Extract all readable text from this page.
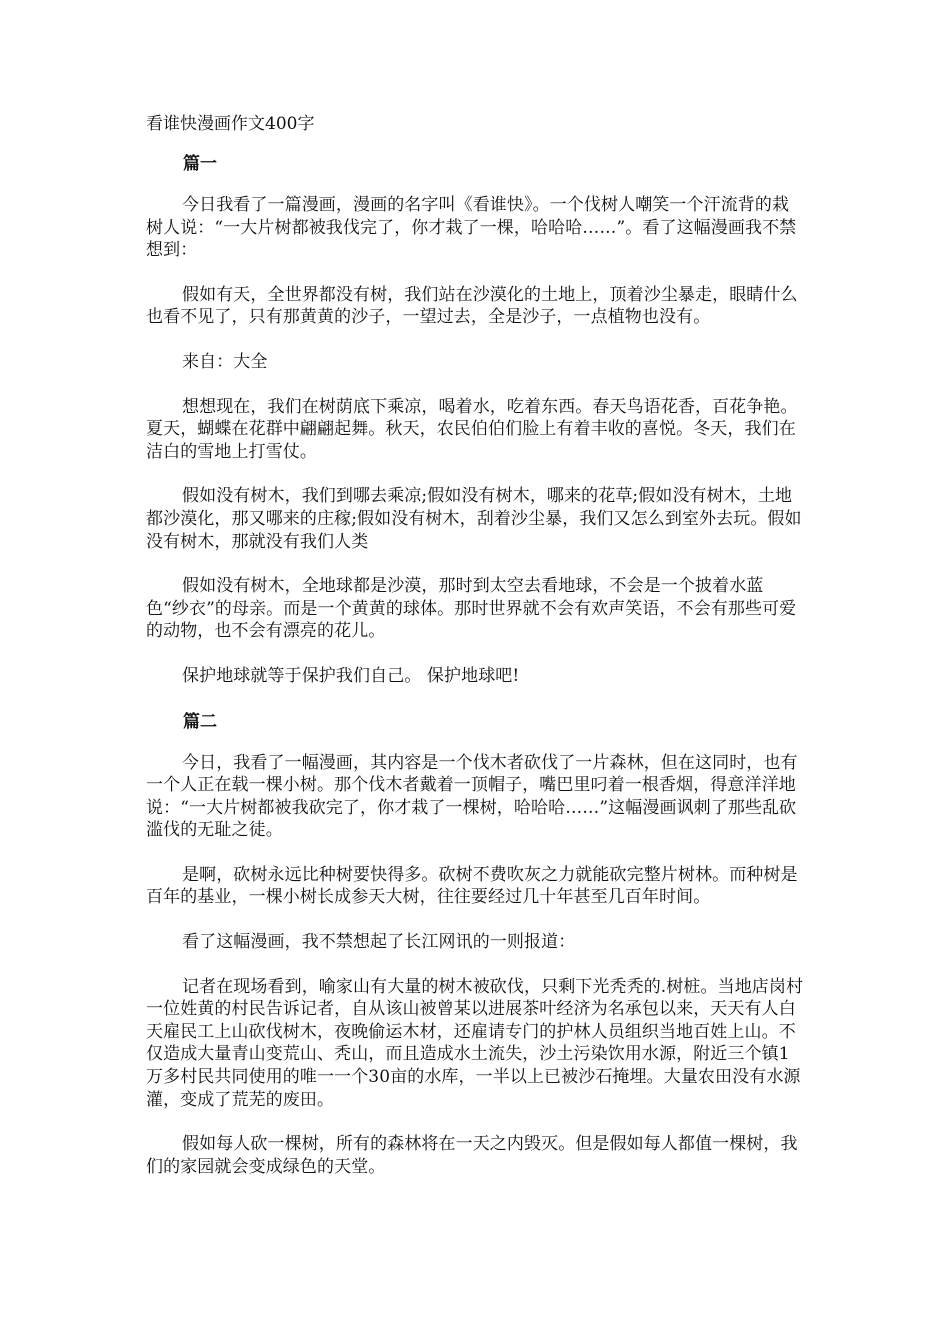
看谁快漫画作文400字
篇一

今日我看了一篇漫画，漫画的名字叫《看谁快》。一个伐树人嘲笑一个汗流背的栽树人说：“一大片树都被我伐完了，你才栽了一棵，哈哈哈……”。看了这幅漫画我不禁想到：

假如有天，全世界都没有树，我们站在沙漠化的土地上，顶着沙尘暴走，眼睛什么也看不见了，只有那黄黄的沙子，一望过去，全是沙子，一点植物也没有。

来自：大全

想想现在，我们在树荫底下乘凉，喝着水，吃着东西。春天鸟语花香，百花争艳。夏天，蝴蝶在花群中翩翩起舞。秋天，农民伯伯们脸上有着丰收的喜悦。冬天，我们在洁白的雪地上打雪仗。

假如没有树木，我们到哪去乘凉;假如没有树木，哪来的花草;假如没有树木，土地都沙漠化，那又哪来的庄稼;假如没有树木，刮着沙尘暴，我们又怎么到室外去玩。假如没有树木，那就没有我们人类

假如没有树木，全地球都是沙漠，那时到太空去看地球，不会是一个披着水蓝色“纱衣”的母亲。而是一个黄黄的球体。那时世界就不会有欢声笑语，不会有那些可爱的动物，也不会有漂亮的花儿。

保护地球就等于保护我们自己。 保护地球吧!

篇二

今日，我看了一幅漫画，其内容是一个伐木者砍伐了一片森林，但在这同时，也有一个人正在载一棵小树。那个伐木者戴着一顶帽子，嘴巴里叼着一根香烟，得意洋洋地说：“一大片树都被我砍完了，你才栽了一棵树，哈哈哈……”这幅漫画讽刺了那些乱砍滥伐的无耻之徒。

是啊，砍树永远比种树要快得多。砍树不费吹灰之力就能砍完整片树林。而种树是百年的基业，一棵小树长成参天大树，往往要经过几十年甚至几百年时间。

看了这幅漫画，我不禁想起了长江网讯的一则报道：

记者在现场看到，喻家山有大量的树木被砍伐，只剩下光秃秃的.树桩。当地店岗村一位姓黄的村民告诉记者，自从该山被曾某以进展茶叶经济为名承包以来，天天有人白天雇民工上山砍伐树木，夜晚偷运木材，还雇请专门的护林人员组织当地百姓上山。不仅造成大量青山变荒山、秃山，而且造成水土流失，沙土污染饮用水源，附近三个镇1万多村民共同使用的唯一一个30亩的水库，一半以上已被沙石掩埋。大量农田没有水源灌，变成了荒芜的废田。

假如每人砍一棵树，所有的森林将在一天之内毁灭。但是假如每人都值一棵树，我们的家园就会变成绿色的天堂。
